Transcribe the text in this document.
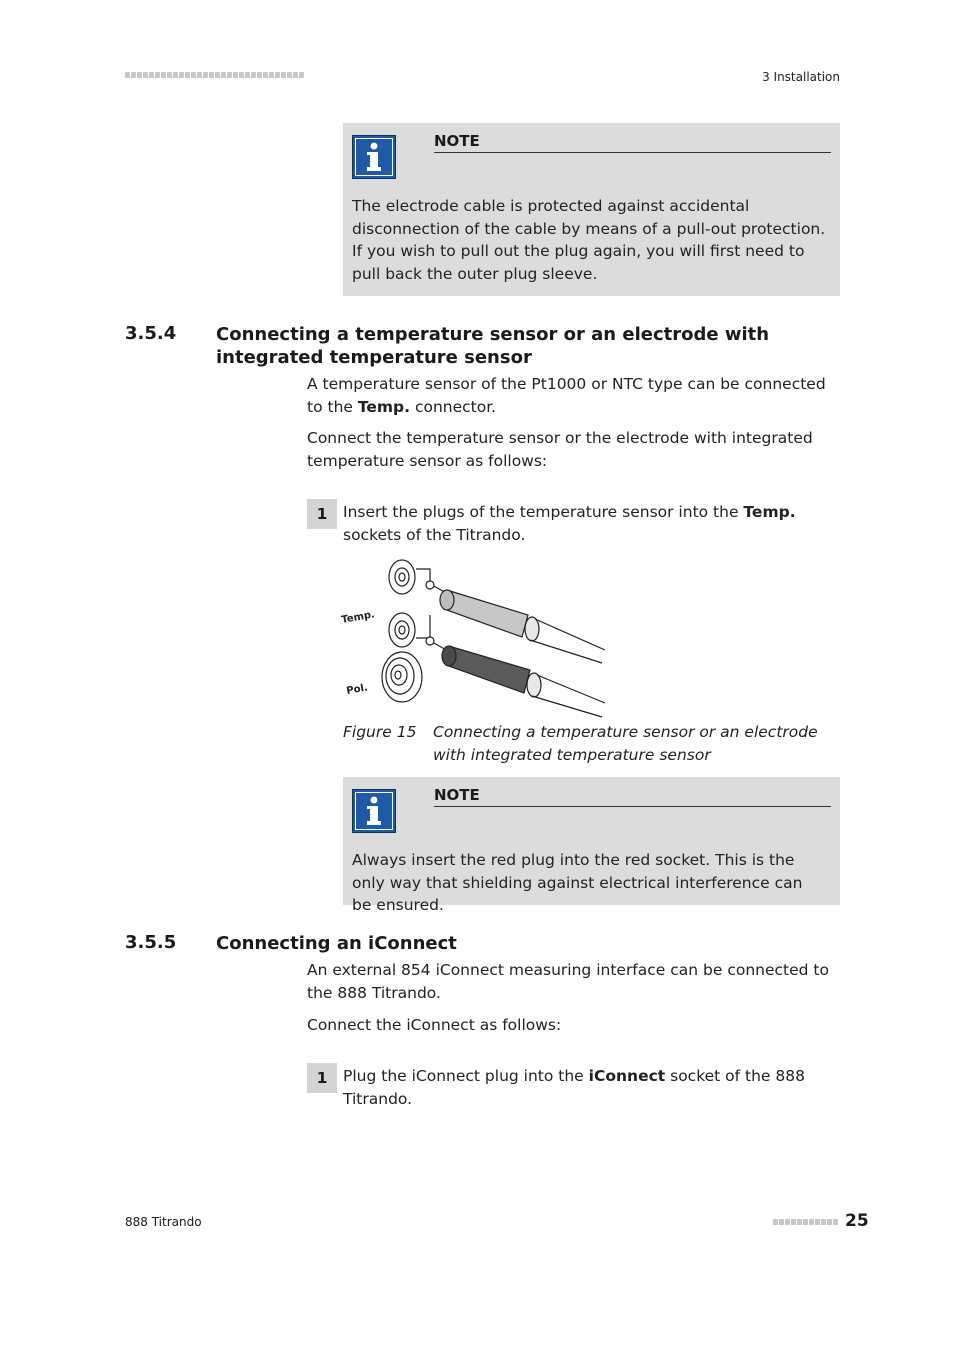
3 Installation
NOTE
The electrode cable is protected against accidental disconnection of the cable by means of a pull-out protection. If you wish to pull out the plug again, you will first need to pull back the outer plug sleeve.
3.5.4 Connecting a temperature sensor or an electrode with integrated temperature sensor
A temperature sensor of the Pt1000 or NTC type can be connected to the Temp. connector.
Connect the temperature sensor or the electrode with integrated temperature sensor as follows:
1	Insert the plugs of the temperature sensor into the Temp. sockets of the Titrando.
Temp.
Pol.
Figure 15 Connecting a temperature sensor or an electrode with integrated temperature sensor
NOTE
Always insert the red plug into the red socket. This is the only way that shielding against electrical interference can be ensured.
3.5.5 Connecting an iConnect
An external 854 iConnect measuring interface can be connected to the 888 Titrando.
Connect the iConnect as follows:
1	Plug the iConnect plug into the iConnect socket of the 888 Titrando.
888 Titrando	25
